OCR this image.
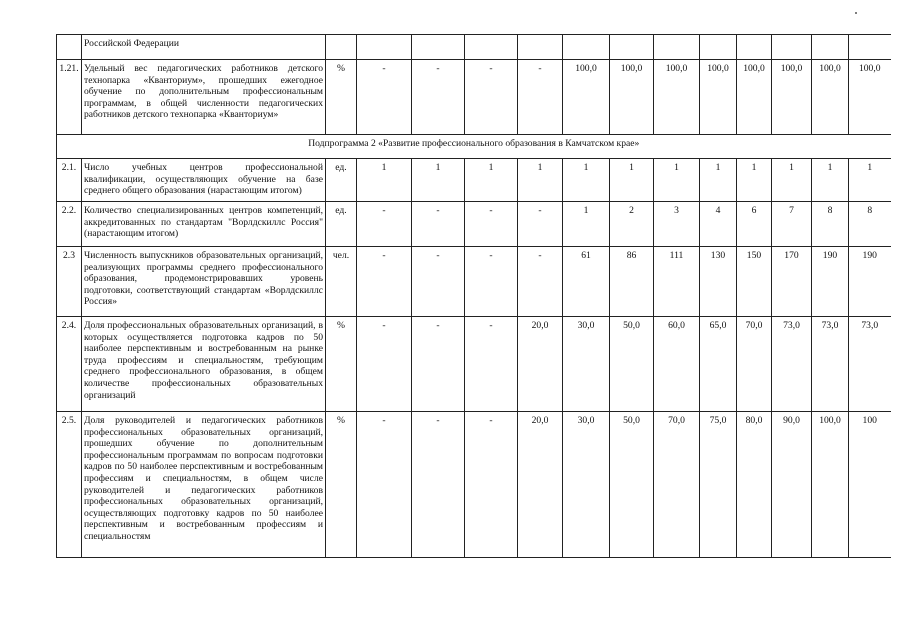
	Российской Федерации													
1.21.	Удельный вес педагогических работников детского технопарка «Кванториум», прошедших ежегодное обучение по дополнительным профессиональным программам, в общей численности педагогических работников детского технопарка «Кванториум»	%	-	-	-	-	100,0	100,0	100,0	100,0	100,0	100,0	100,0	100,0
Подпрограмма 2 «Развитие профессионального образования в Камчатском крае»														
2.1.	Число учебных центров профессиональной квалификации, осуществляющих обучение на базе среднего общего образования (нарастающим итогом)	ед.	1	1	1	1	1	1	1	1	1	1	1	1
2.2.	Количество специализированных центров компетенций, аккредитованных по стандартам "Ворлдскиллс Россия" (нарастающим итогом)	ед.	-	-	-	-	1	2	3	4	6	7	8	8
2.3	Численность выпускников образовательных организаций, реализующих программы среднего профессионального образования, продемонстрировавших уровень подготовки, соответствующий стандартам «Ворлдскиллс Россия»	чел.	-	-	-	-	61	86	111	130	150	170	190	190
2.4.	Доля профессиональных образовательных организаций, в которых осуществляется подготовка кадров по 50 наиболее перспективным и востребованным на рынке труда профессиям и специальностям, требующим среднего профессионального образования, в общем количестве профессиональных образовательных организаций	%	-	-	-	20,0	30,0	50,0	60,0	65,0	70,0	73,0	73,0	73,0
2.5.	Доля руководителей и педагогических работников профессиональных образовательных организаций, прошедших обучение по дополнительным профессиональным программам по вопросам подготовки кадров по 50 наиболее перспективным и востребованным профессиям и специальностям, в общем числе руководителей и педагогических работников профессиональных образовательных организаций, осуществляющих подготовку кадров по 50 наиболее перспективным и востребованным профессиям и специальностям	%	-	-	-	20,0	30,0	50,0	70,0	75,0	80,0	90,0	100,0	100
